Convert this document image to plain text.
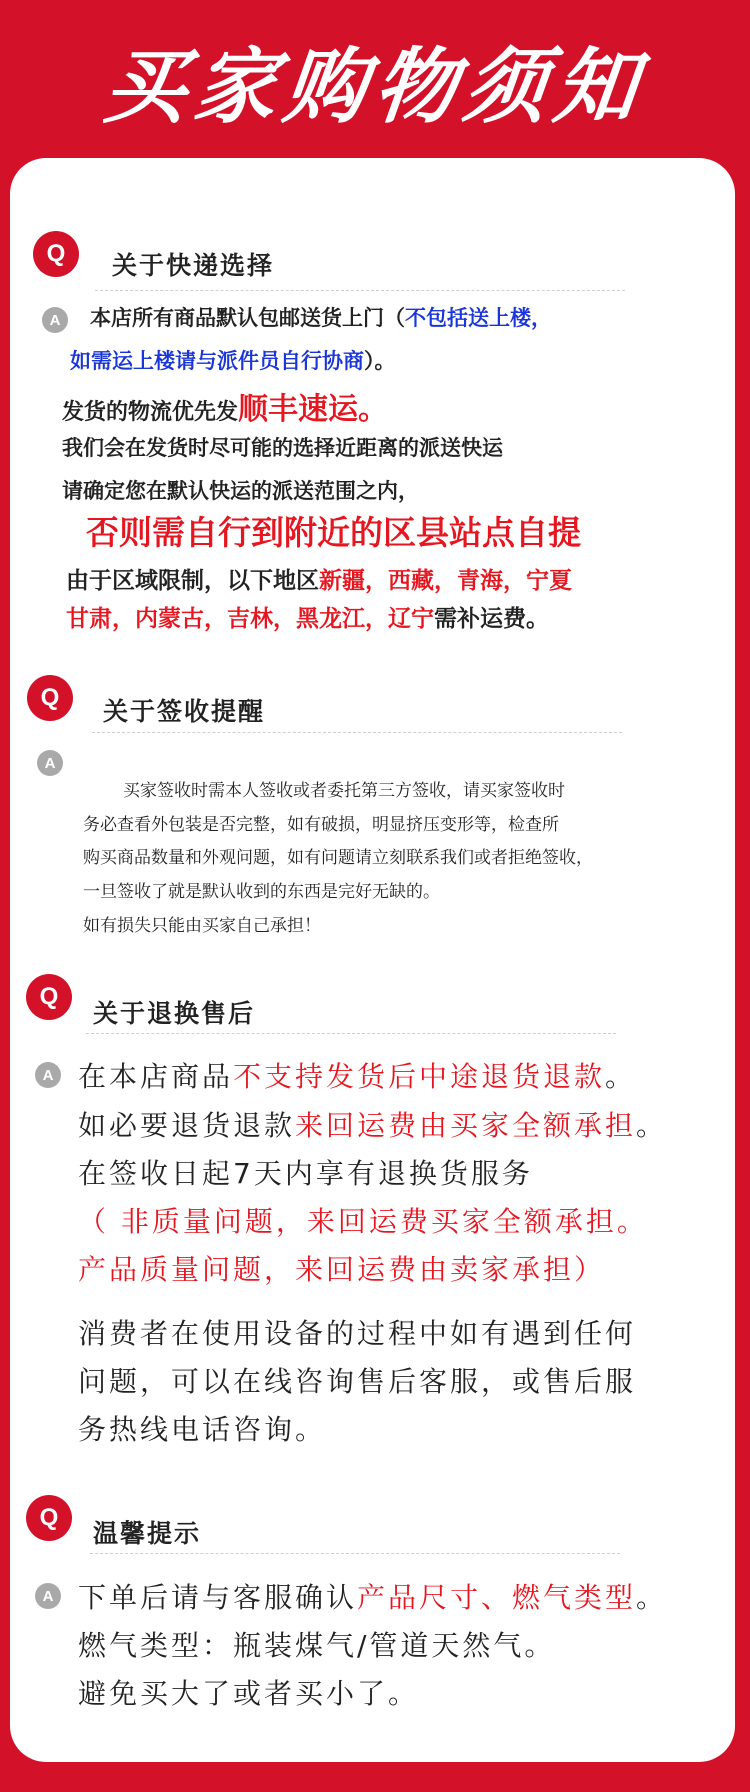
买家购物须知
Q	关于快递选择
A	本店所有商品默认包邮送货上门（不包括送上楼，
如需运上楼请与派件员自行协商）。
发货的物流优先发顺丰速运。
我们会在发货时尽可能的选择近距离的派送快运
请确定您在默认快运的派送范围之内，
否则需自行到附近的区县站点自提
由于区域限制，以下地区新疆，西藏，青海，宁夏
甘肃，内蒙古，吉林，黑龙江，辽宁需补运费。
Q	关于签收提醒
A
买家签收时需本人签收或者委托第三方签收，请买家签收时
务必查看外包装是否完整，如有破损，明显挤压变形等，检查所
购买商品数量和外观问题，如有问题请立刻联系我们或者拒绝签收，
一旦签收了就是默认收到的东西是完好无缺的。
如有损失只能由买家自己承担！
Q
关于退换售后
A 在本店商品不支持发货后中途退货退款。
如必要退货退款来回运费由买家全额承担。
在签收日起7天内享有退换货服务
（ 非质量问题，来回运费买家全额承担。
产品质量问题，来回运费由卖家承担）
消费者在使用设备的过程中如有遇到任何
问题，可以在线咨询售后客服，或售后服
务热线电话咨询。
Q
温馨提示
A 下单后请与客服确认产品尺寸、燃气类型。
燃气类型：瓶装煤气/管道天然气。
避免买大了或者买小了。
